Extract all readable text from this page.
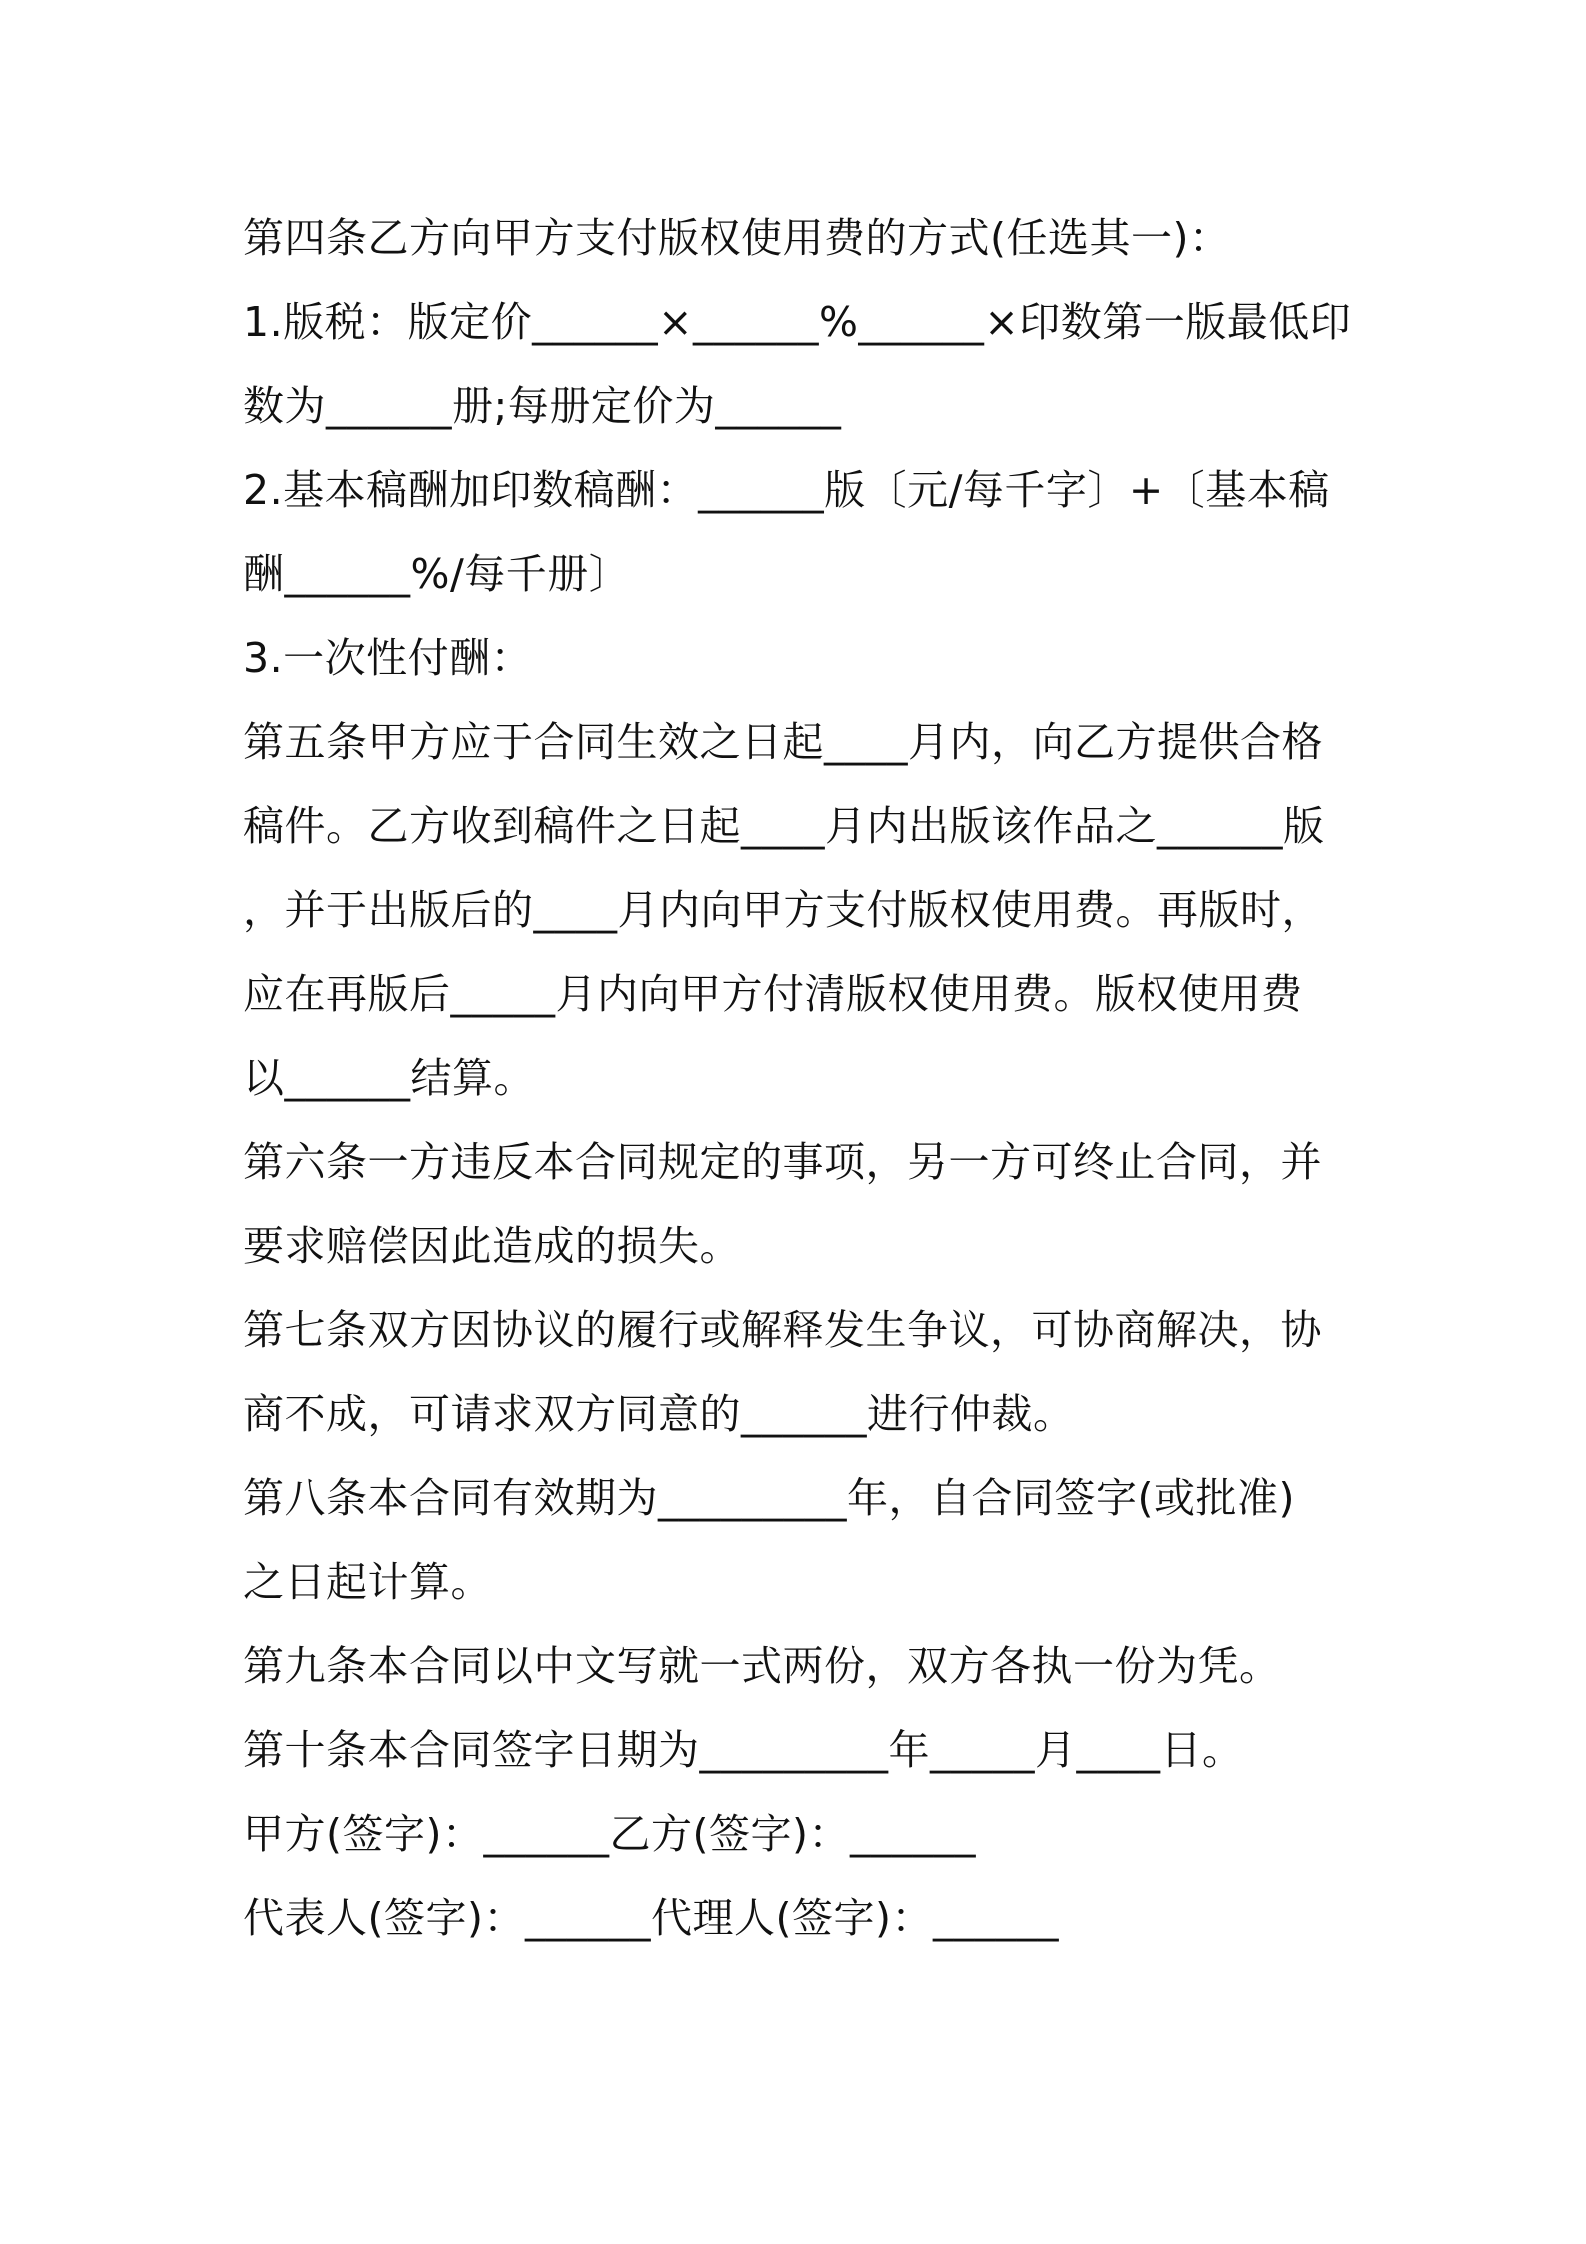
第四条乙方向甲方支付版权使用费的方式(任选其一)：

1.版税：版定价______×______%______×印数第一版最低印

数为______册;每册定价为______

2.基本稿酬加印数稿酬：______版〔元/每千字〕+〔基本稿

酬______%/每千册〕

3.一次性付酬：

第五条甲方应于合同生效之日起____月内，向乙方提供合格

稿件。乙方收到稿件之日起____月内出版该作品之______版

，并于出版后的____月内向甲方支付版权使用费。再版时，

应在再版后_____月内向甲方付清版权使用费。版权使用费

以______结算。

第六条一方违反本合同规定的事项，另一方可终止合同，并

要求赔偿因此造成的损失。

第七条双方因协议的履行或解释发生争议，可协商解决，协

商不成，可请求双方同意的______进行仲裁。

第八条本合同有效期为_________年，自合同签字(或批准)

之日起计算。

第九条本合同以中文写就一式两份，双方各执一份为凭。

第十条本合同签字日期为_________年_____月____日。

甲方(签字)：______乙方(签字)：______

代表人(签字)：______代理人(签字)：______
